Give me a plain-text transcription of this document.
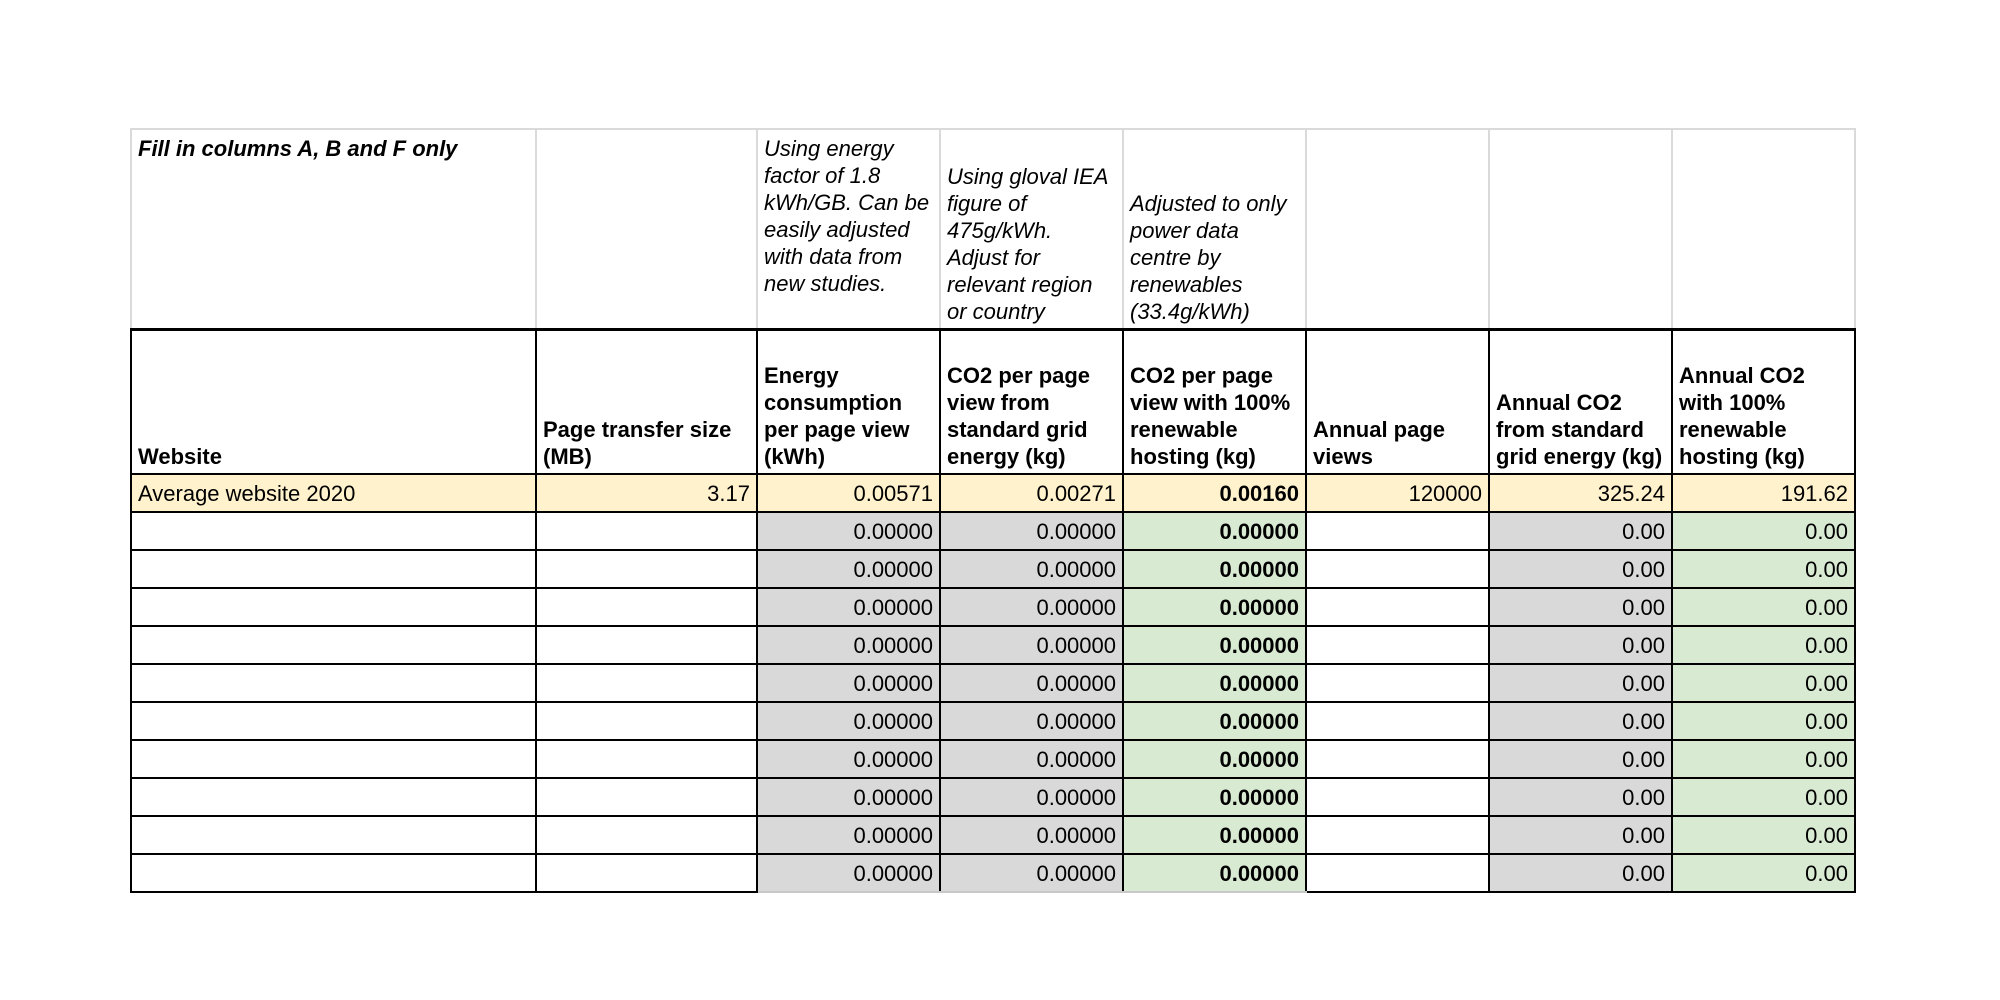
Fill in columns A, B and F only		Using energy factor of 1.8 kWh/GB. Can be easily adjusted with data from new studies.	Using gloval IEA figure of 475g/kWh. Adjust for relevant region or country	Adjusted to only power data centre by renewables (33.4g/kWh)			
Website	Page transfer size (MB)	Energy consumption per page view (kWh)	CO2 per page view from standard grid energy (kg)	CO2 per page view with 100% renewable hosting (kg)	Annual page views	Annual CO2 from standard grid energy (kg)	Annual CO2 with 100% renewable hosting (kg)
Average website 2020	3.17	0.00571	0.00271	0.00160	120000	325.24	191.62
		0.00000	0.00000	0.00000		0.00	0.00
		0.00000	0.00000	0.00000		0.00	0.00
		0.00000	0.00000	0.00000		0.00	0.00
		0.00000	0.00000	0.00000		0.00	0.00
		0.00000	0.00000	0.00000		0.00	0.00
		0.00000	0.00000	0.00000		0.00	0.00
		0.00000	0.00000	0.00000		0.00	0.00
		0.00000	0.00000	0.00000		0.00	0.00
		0.00000	0.00000	0.00000		0.00	0.00
		0.00000	0.00000	0.00000		0.00	0.00
